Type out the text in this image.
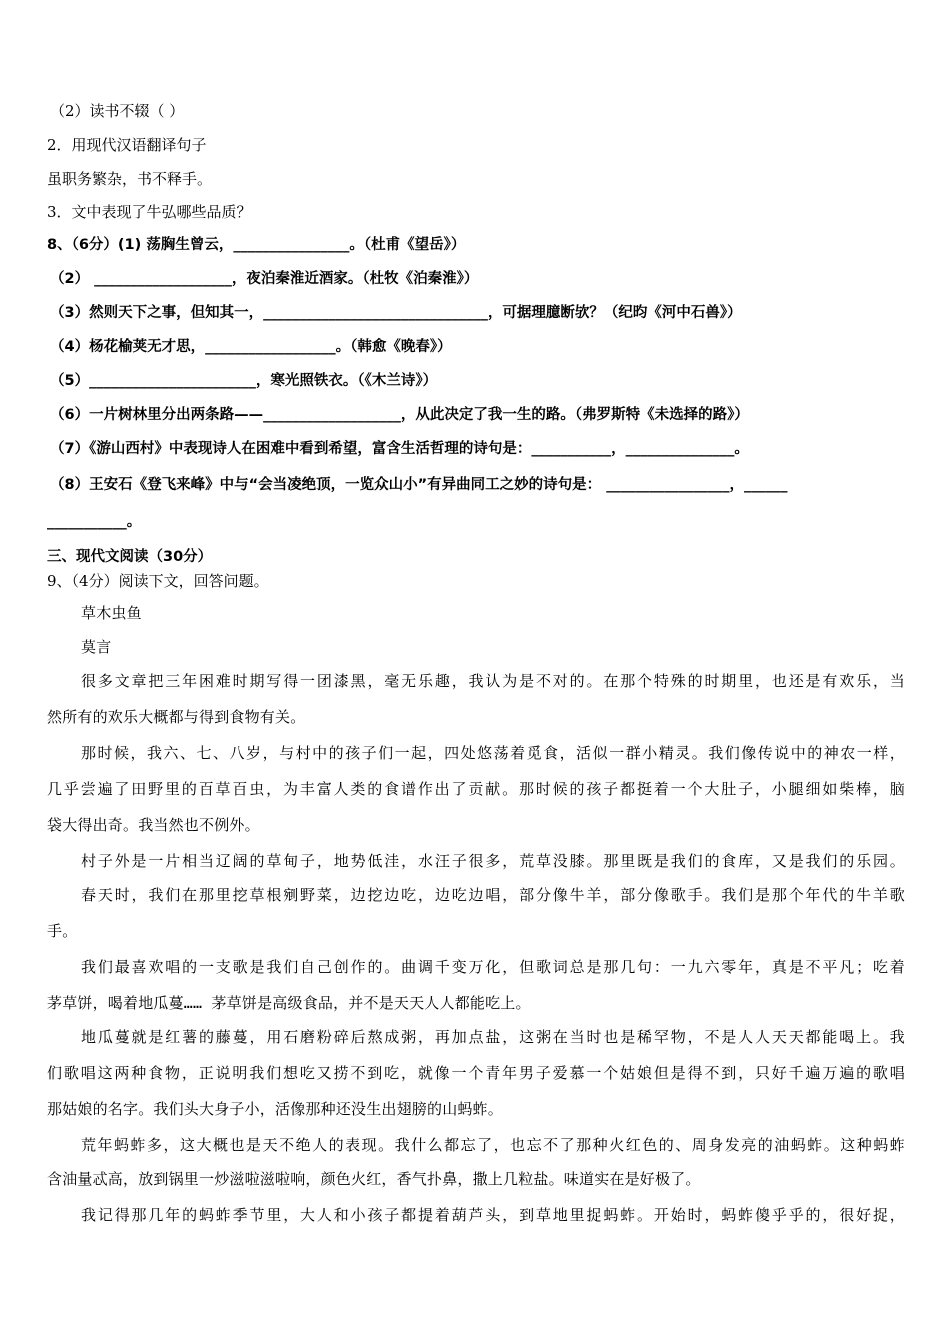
（2）读书不辍（ ）
2．用现代汉语翻译句子
虽职务繁杂，书不释手。
3．文中表现了牛弘哪些品质？
8、（6分）(1) 荡胸生曾云，________________。（杜甫《望岳》）
（2） ___________________，夜泊秦淮近酒家。（杜牧《泊秦淮》）
（3）然则天下之事，但知其一，_______________________________，可据理臆断欤？（纪昀《河中石兽》）
（4）杨花榆荚无才思，__________________。（韩愈《晚春》）
（5）_______________________，寒光照铁衣。（《木兰诗》）
（6）一片树林里分出两条路——___________________，从此决定了我一生的路。（弗罗斯特《未选择的路》）
（7）《游山西村》中表现诗人在困难中看到希望，富含生活哲理的诗句是：___________，_______________。
（8）王安石《登飞来峰》中与“会当凌绝顶，一览众山小”有异曲同工之妙的诗句是： _________________，______
___________。
三、现代文阅读（30分）
9、（4分）阅读下文，回答问题。
草木虫鱼
莫言
很多文章把三年困难时期写得一团漆黑，毫无乐趣，我认为是不对的。在那个特殊的时期里，也还是有欢乐，当
然所有的欢乐大概都与得到食物有关。
那时候，我六、七、八岁，与村中的孩子们一起，四处悠荡着觅食，活似一群小精灵。我们像传说中的神农一样，
几乎尝遍了田野里的百草百虫，为丰富人类的食谱作出了贡献。那时候的孩子都挺着一个大肚子，小腿细如柴棒，脑
袋大得出奇。我当然也不例外。
村子外是一片相当辽阔的草甸子，地势低洼，水汪子很多，荒草没膝。那里既是我们的食库，又是我们的乐园。
春天时，我们在那里挖草根剜野菜，边挖边吃，边吃边唱，部分像牛羊，部分像歌手。我们是那个年代的牛羊歌
手。
我们最喜欢唱的一支歌是我们自己创作的。曲调千变万化，但歌词总是那几句：一九六零年，真是不平凡；吃着
茅草饼，喝着地瓜蔓…… 茅草饼是高级食品，并不是天天人人都能吃上。
地瓜蔓就是红薯的藤蔓，用石磨粉碎后熬成粥，再加点盐，这粥在当时也是稀罕物，不是人人天天都能喝上。我
们歌唱这两种食物，正说明我们想吃又捞不到吃，就像一个青年男子爱慕一个姑娘但是得不到，只好千遍万遍的歌唱
那姑娘的名字。我们头大身子小，活像那种还没生出翅膀的山蚂蚱。
荒年蚂蚱多，这大概也是天不绝人的表现。我什么都忘了，也忘不了那种火红色的、周身发亮的油蚂蚱。这种蚂蚱
含油量忒高，放到锅里一炒滋啦滋啦响，颜色火红，香气扑鼻，撒上几粒盐。味道实在是好极了。
我记得那几年的蚂蚱季节里，大人和小孩子都提着葫芦头，到草地里捉蚂蚱。开始时，蚂蚱傻乎乎的，很好捉，
